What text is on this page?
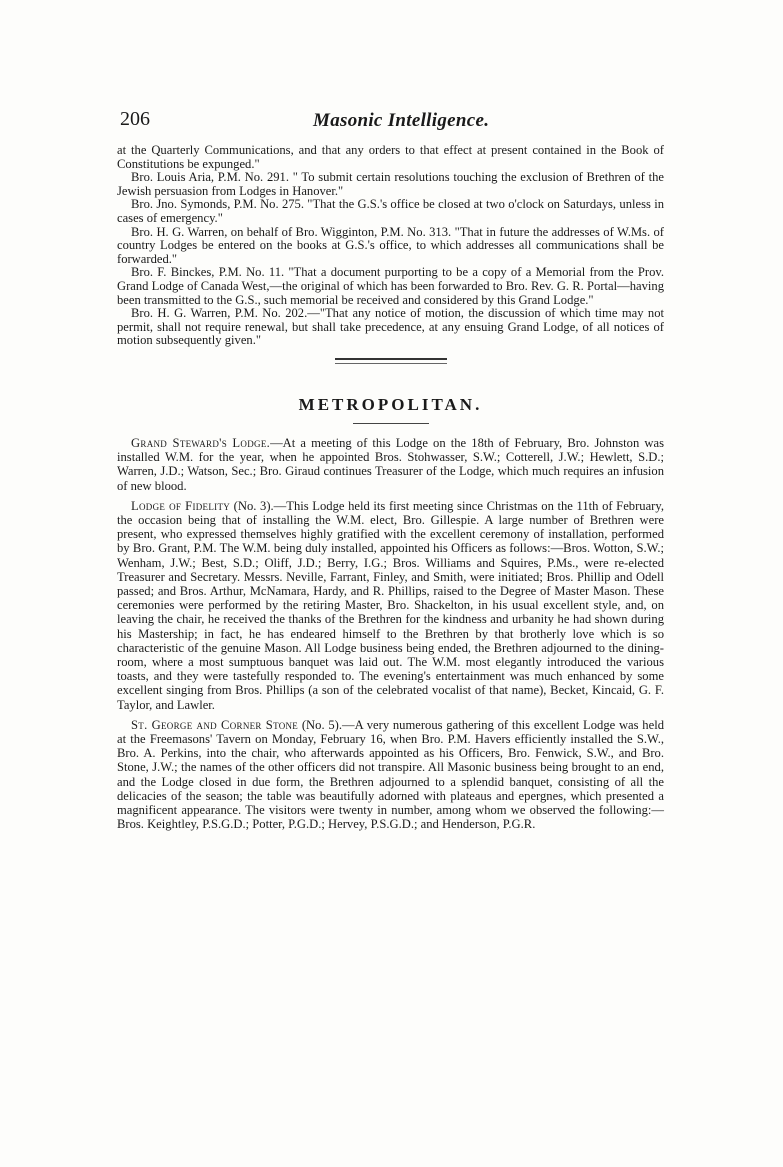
206	Masonic Intelligence.

at the Quarterly Communications, and that any orders to that effect at present contained in the Book of Constitutions be expunged."

Bro. Louis Aria, P.M. No. 291. " To submit certain resolutions touching the exclusion of Brethren of the Jewish persuasion from Lodges in Hanover."

Bro. Jno. Symonds, P.M. No. 275. "That the G.S.'s office be closed at two o'clock on Saturdays, unless in cases of emergency."

Bro. H. G. Warren, on behalf of Bro. Wigginton, P.M. No. 313. "That in future the addresses of W.Ms. of country Lodges be entered on the books at G.S.'s office, to which addresses all communications shall be forwarded."

Bro. F. Binckes, P.M. No. 11. "That a document purporting to be a copy of a Memorial from the Prov. Grand Lodge of Canada West,—the original of which has been forwarded to Bro. Rev. G. R. Portal—having been transmitted to the G.S., such memorial be received and considered by this Grand Lodge."

Bro. H. G. Warren, P.M. No. 202.—"That any notice of motion, the discussion of which time may not permit, shall not require renewal, but shall take precedence, at any ensuing Grand Lodge, of all notices of motion subsequently given."

METROPOLITAN.

Grand Steward's Lodge.—At a meeting of this Lodge on the 18th of February, Bro. Johnston was installed W.M. for the year, when he appointed Bros. Stohwasser, S.W.; Cotterell, J.W.; Hewlett, S.D.; Warren, J.D.; Watson, Sec.; Bro. Giraud continues Treasurer of the Lodge, which much requires an infusion of new blood.

Lodge of Fidelity (No. 3).—This Lodge held its first meeting since Christmas on the 11th of February, the occasion being that of installing the W.M. elect, Bro. Gillespie. A large number of Brethren were present, who expressed themselves highly gratified with the excellent ceremony of installation, performed by Bro. Grant, P.M. The W.M. being duly installed, appointed his Officers as follows:—Bros. Wotton, S.W.; Wenham, J.W.; Best, S.D.; Oliff, J.D.; Berry, I.G.; Bros. Williams and Squires, P.Ms., were re-elected Treasurer and Secretary. Messrs. Neville, Farrant, Finley, and Smith, were initiated; Bros. Phillip and Odell passed; and Bros. Arthur, McNamara, Hardy, and R. Phillips, raised to the Degree of Master Mason. These ceremonies were performed by the retiring Master, Bro. Shackelton, in his usual excellent style, and, on leaving the chair, he received the thanks of the Brethren for the kindness and urbanity he had shown during his Mastership; in fact, he has endeared himself to the Brethren by that brotherly love which is so characteristic of the genuine Mason. All Lodge business being ended, the Brethren adjourned to the dining-room, where a most sumptuous banquet was laid out. The W.M. most elegantly introduced the various toasts, and they were tastefully responded to. The evening's entertainment was much enhanced by some excellent singing from Bros. Phillips (a son of the celebrated vocalist of that name), Becket, Kincaid, G. F. Taylor, and Lawler.

St. George and Corner Stone (No. 5).—A very numerous gathering of this excellent Lodge was held at the Freemasons' Tavern on Monday, February 16, when Bro. P.M. Havers efficiently installed the S.W., Bro. A. Perkins, into the chair, who afterwards appointed as his Officers, Bro. Fenwick, S.W., and Bro. Stone, J.W.; the names of the other officers did not transpire. All Masonic business being brought to an end, and the Lodge closed in due form, the Brethren adjourned to a splendid banquet, consisting of all the delicacies of the season; the table was beautifully adorned with plateaus and epergnes, which presented a magnificent appearance. The visitors were twenty in number, among whom we observed the following:—Bros. Keightley, P.S.G.D.; Potter, P.G.D.; Hervey, P.S.G.D.; and Henderson, P.G.R.
